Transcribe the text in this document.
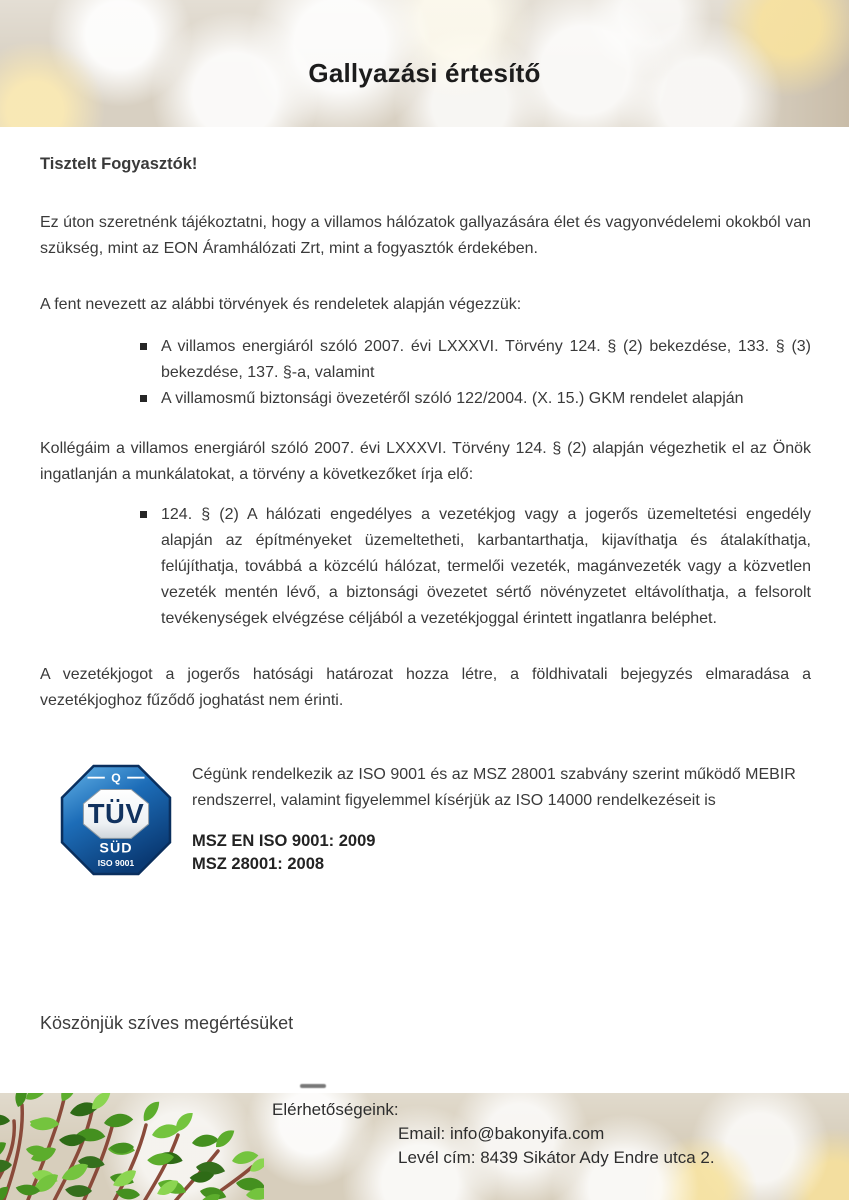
Gallyazási értesítő

Tisztelt Fogyasztók!

Ez úton szeretnénk tájékoztatni, hogy a villamos hálózatok gallyazására élet és vagyonvédelemi okokból van szükség, mint az EON Áramhálózati Zrt, mint a fogyasztók érdekében.

A fent nevezett az alábbi törvények és rendeletek alapján végezzük:

A villamos energiáról szóló 2007. évi LXXXVI. Törvény 124. § (2) bekezdése, 133. § (3) bekezdése, 137. §-a, valamint
A villamosmű biztonsági övezetéről szóló 122/2004. (X. 15.) GKM rendelet alapján

Kollégáim a villamos energiáról szóló 2007. évi LXXXVI. Törvény 124. § (2) alapján végezhetik el az Önök ingatlanján a munkálatokat, a törvény a következőket írja elő:

124. § (2) A hálózati engedélyes a vezetékjog vagy a jogerős üzemeltetési engedély alapján az építményeket üzemeltetheti, karbantarthatja, kijavíthatja és átalakíthatja, felújíthatja, továbbá a közcélú hálózat, termelői vezeték, magánvezeték vagy a közvetlen vezeték mentén lévő, a biztonsági övezetet sértő növényzetet eltávolíthatja, a felsorolt tevékenységek elvégzése céljából a vezetékjoggal érintett ingatlanra beléphet.

A vezetékjogot a jogerős hatósági határozat hozza létre, a földhivatali bejegyzés elmaradása a vezetékjoghoz fűződő joghatást nem érinti.

Q
TÜV
SÜD
ISO 9001

Cégünk rendelkezik az ISO 9001 és az MSZ 28001 szabvány szerint működő MEBIR rendszerrel, valamint figyelemmel kísérjük az ISO 14000 rendelkezéseit is

MSZ EN ISO 9001: 2009
MSZ 28001: 2008

Köszönjük szíves megértésüket

Elérhetőségeink:
Email: info@bakonyifa.com
Levél cím: 8439 Sikátor Ady Endre utca 2.
